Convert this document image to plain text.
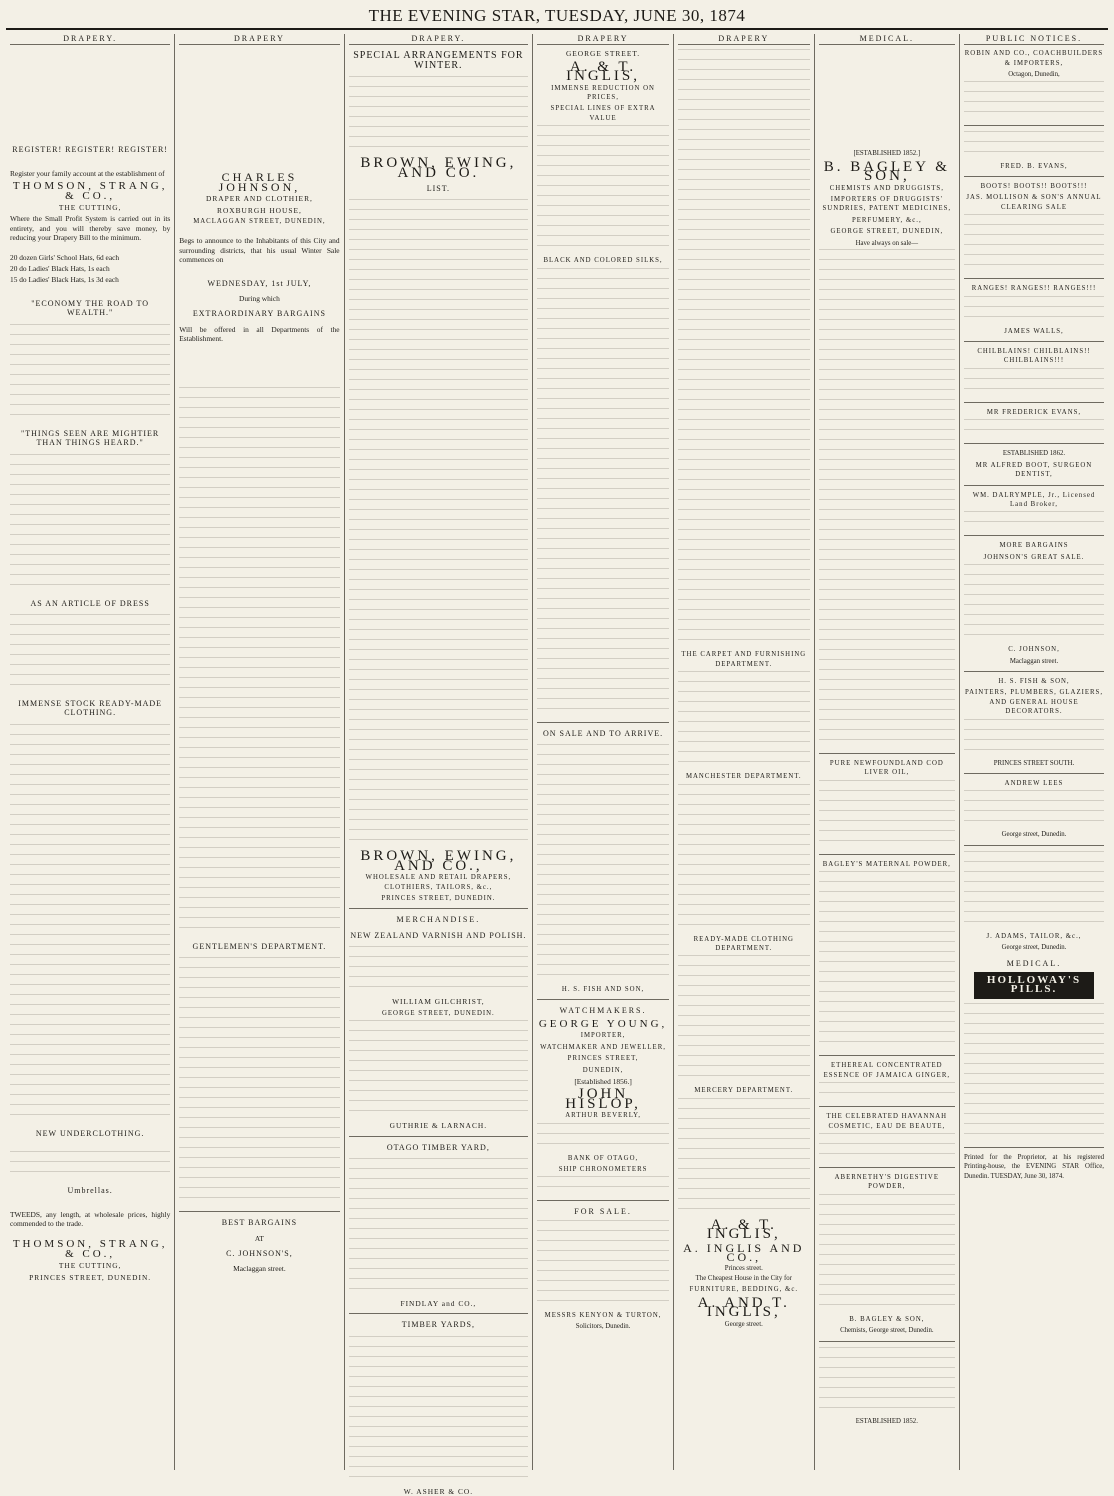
THE EVENING STAR, TUESDAY, JUNE 30, 1874
DRAPERY.
REGISTER! REGISTER! REGISTER!
Register your family account at the establishment of
THOMSON, STRANG, & CO.,
THE CUTTING,
Where the Small Profit System is carried out in its entirety, and you will thereby save money, by reducing your Drapery Bill to the minimum.
20 dozen Girls' School Hats, 6d each
20 do Ladies' Black Hats, 1s each
15 do Ladies' Black Hats, 1s 3d each
"ECONOMY THE ROAD TO WEALTH."
"THINGS SEEN ARE MIGHTIER THAN THINGS HEARD."
AS AN ARTICLE OF DRESS
IMMENSE STOCK READY-MADE CLOTHING.
NEW UNDERCLOTHING.
Umbrellas.
TWEEDS, any length, at wholesale prices, highly commended to the trade.
THOMSON, STRANG, & CO.,
THE CUTTING,
PRINCES STREET, DUNEDIN.
DRAPERY
CHARLES JOHNSON,
DRAPER AND CLOTHIER,
ROXBURGH HOUSE,
MACLAGGAN STREET, DUNEDIN,
Begs to announce to the Inhabitants of this City and surrounding districts, that his usual Winter Sale commences on
WEDNESDAY, 1st JULY,
During which
EXTRAORDINARY BARGAINS
Will be offered in all Departments of the Establishment.
GENTLEMEN'S DEPARTMENT.
BEST BARGAINS
AT
C. JOHNSON'S,
Maclaggan street.
DRAPERY.
SPECIAL ARRANGEMENTS FOR WINTER.
BROWN, EWING, AND CO.
LIST.
BROWN, EWING, AND CO.,
WHOLESALE AND RETAIL DRAPERS, CLOTHIERS, TAILORS, &c.,
PRINCES STREET, DUNEDIN.
MERCHANDISE.
NEW ZEALAND VARNISH AND POLISH.
WILLIAM GILCHRIST,
GEORGE STREET, DUNEDIN.
GUTHRIE & LARNACH.
OTAGO TIMBER YARD,
FINDLAY and CO.,
TIMBER YARDS,
W. ASHER & CO.
DRAPERY
GEORGE STREET.
A. & T. INGLIS,
IMMENSE REDUCTION ON PRICES,
SPECIAL LINES OF EXTRA VALUE
BLACK AND COLORED SILKS,
ON SALE AND TO ARRIVE.
H. S. FISH AND SON,
WATCHMAKERS.
GEORGE YOUNG,
IMPORTER,
WATCHMAKER AND JEWELLER,
PRINCES STREET,
DUNEDIN,
[Established 1856.]
JOHN HISLOP,
ARTHUR BEVERLY,
BANK OF OTAGO,
SHIP CHRONOMETERS
FOR SALE.
MESSRS KENYON & TURTON,
Solicitors, Dunedin.
DRAPERY
THE CARPET AND FURNISHING DEPARTMENT.
MANCHESTER DEPARTMENT.
READY-MADE CLOTHING DEPARTMENT.
MERCERY DEPARTMENT.
A. & T. INGLIS,
A. INGLIS AND CO.,
Princes street.
The Cheapest House in the City for
FURNITURE, BEDDING, &c.
A. AND T. INGLIS,
George street.
MEDICAL.
[ESTABLISHED 1852.]
B. BAGLEY & SON,
CHEMISTS AND DRUGGISTS,
IMPORTERS OF DRUGGISTS' SUNDRIES, PATENT MEDICINES,
PERFUMERY, &c.,
GEORGE STREET, DUNEDIN,
Have always on sale—
PURE NEWFOUNDLAND COD LIVER OIL,
BAGLEY'S MATERNAL POWDER,
ETHEREAL CONCENTRATED ESSENCE OF JAMAICA GINGER,
THE CELEBRATED HAVANNAH COSMETIC, EAU DE BEAUTE,
ABERNETHY'S DIGESTIVE POWDER,
B. BAGLEY & SON,
Chemists, George street, Dunedin.
ESTABLISHED 1852.
PUBLIC NOTICES.
ROBIN AND CO., COACHBUILDERS & IMPORTERS,
Octagon, Dunedin,
FRED. B. EVANS,
BOOTS! BOOTS!! BOOTS!!!
JAS. MOLLISON & SON'S ANNUAL CLEARING SALE
RANGES! RANGES!! RANGES!!!
JAMES WALLS,
CHILBLAINS! CHILBLAINS!! CHILBLAINS!!!
MR FREDERICK EVANS,
ESTABLISHED 1862.
MR ALFRED BOOT, SURGEON DENTIST,
WM. DALRYMPLE, Jr., Licensed Land Broker,
MORE BARGAINS
JOHNSON'S GREAT SALE.
C. JOHNSON,
Maclaggan street.
H. S. FISH & SON,
PAINTERS, PLUMBERS, GLAZIERS, AND GENERAL HOUSE DECORATORS.
PRINCES STREET SOUTH.
ANDREW LEES
George street, Dunedin.
J. ADAMS, TAILOR, &c.,
George street, Dunedin.
MEDICAL.
HOLLOWAY'S PILLS.
Printed for the Proprietor, at his registered Printing-house, the EVENING STAR Office, Dunedin. TUESDAY, June 30, 1874.
